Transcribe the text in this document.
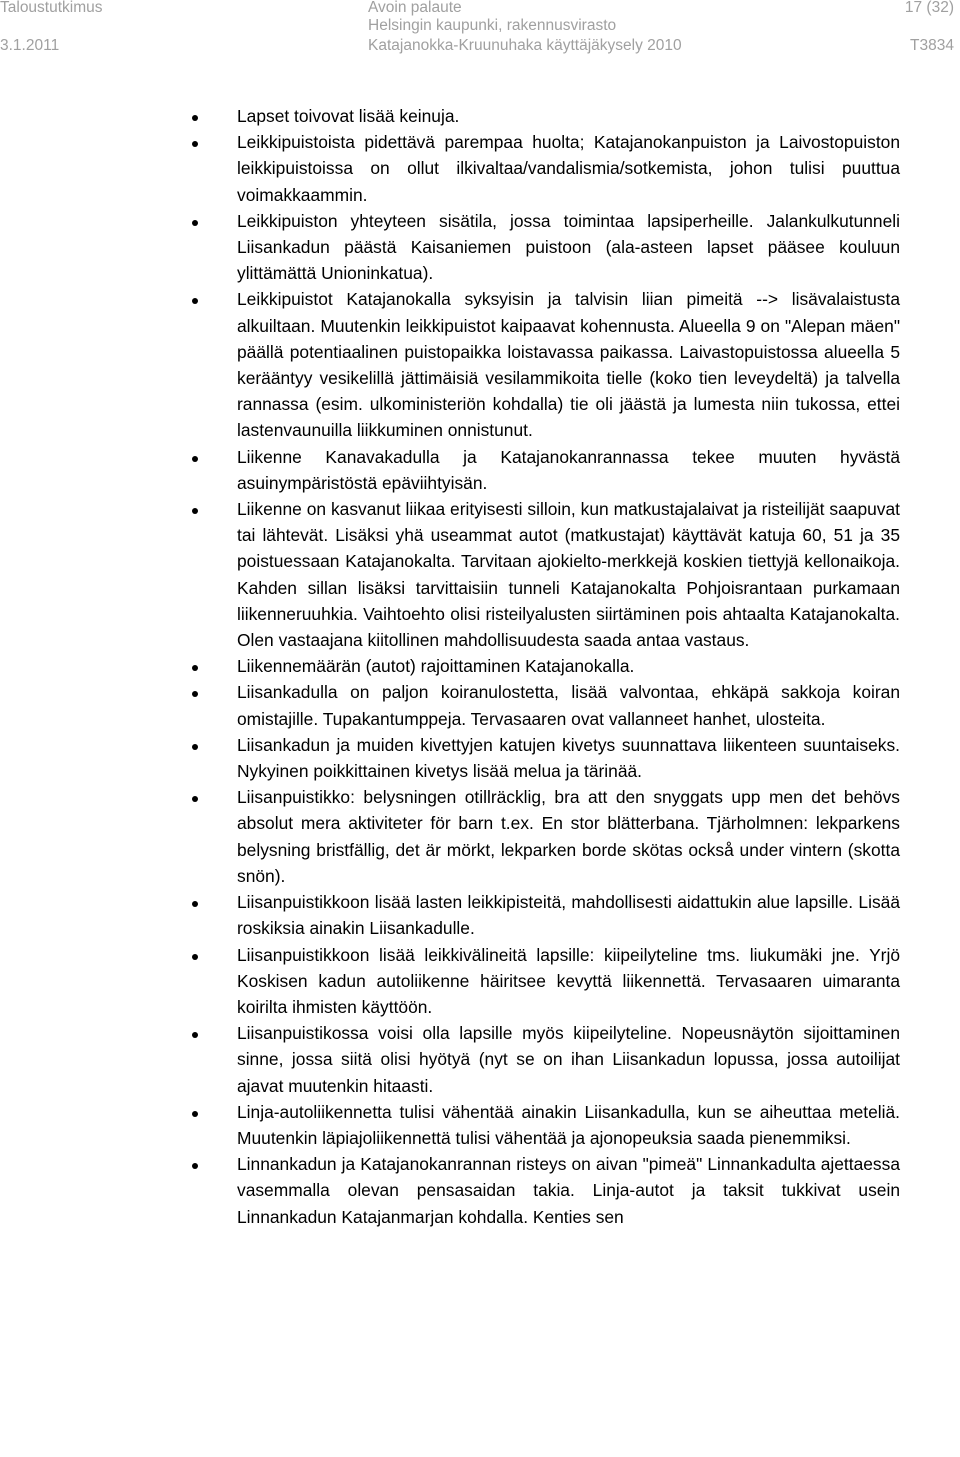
Taloustutkimus	Avoin palaute
Helsingin kaupunki, rakennusvirasto
17 (32)
3.1.2011	Katajanokka-Kruunuhaka käyttäjäkysely 2010	T3834
Lapset toivovat lisää keinuja.
Leikkipuistoista pidettävä parempaa huolta; Katajanokanpuiston ja Laivostopuiston leikkipuistoissa on ollut ilkivaltaa/vandalismia/sotkemista, johon tulisi puuttua voimakkaammin.
Leikkipuiston yhteyteen sisätila, jossa toimintaa lapsiperheille. Jalankulkutunneli Liisankadun päästä Kaisaniemen puistoon (ala-asteen lapset pääsee kouluun ylittämättä Unioninkatua).
Leikkipuistot Katajanokalla syksyisin ja talvisin liian pimeitä --> lisävalaistusta alkuiltaan. Muutenkin leikkipuistot kaipaavat kohennusta. Alueella 9 on "Alepan mäen" päällä potentiaalinen puistopaikka loistavassa paikassa. Laivastopuistossa alueella 5 kerääntyy vesikelillä jättimäisiä vesilammikoita tielle (koko tien leveydeltä) ja talvella rannassa (esim. ulkoministeriön kohdalla) tie oli jäästä ja lumesta niin tukossa, ettei lastenvaunuilla liikkuminen onnistunut.
Liikenne Kanavakadulla ja Katajanokanrannassa tekee muuten hyvästä asuinympäristöstä epäviihtyisän.
Liikenne on kasvanut liikaa erityisesti silloin, kun matkustajalaivat ja risteilijät saapuvat tai lähtevät. Lisäksi yhä useammat autot (matkustajat) käyttävät katuja 60, 51 ja 35 poistuessaan Katajanokalta. Tarvitaan ajokielto-merkkejä koskien tiettyjä kellonaikoja. Kahden sillan lisäksi tarvittaisiin tunneli Katajanokalta Pohjoisrantaan purkamaan liikenneruuhkia. Vaihtoehto olisi risteilyalusten siirtäminen pois ahtaalta Katajanokalta. Olen vastaajana kiitollinen mahdollisuudesta saada antaa vastaus.
Liikennemäärän (autot) rajoittaminen Katajanokalla.
Liisankadulla on paljon koiranulostetta, lisää valvontaa, ehkäpä sakkoja koiran omistajille. Tupakantumppeja. Tervasaaren ovat vallanneet hanhet, ulosteita.
Liisankadun ja muiden kivettyjen katujen kivetys suunnattava liikenteen suuntaiseks. Nykyinen poikkittainen kivetys lisää melua ja tärinää.
Liisanpuistikko: belysningen otillräcklig, bra att den snyggats upp men det behövs absolut mera aktiviteter för barn t.ex. En stor blätterbana. Tjärholmnen: lekparkens belysning bristfällig, det är mörkt, lekparken borde skötas också under vintern (skotta snön).
Liisanpuistikkoon lisää lasten leikkipisteitä, mahdollisesti aidattukin alue lapsille. Lisää roskiksia ainakin Liisankadulle.
Liisanpuistikkoon lisää leikkivälineitä lapsille: kiipeilyteline tms. liukumäki jne. Yrjö Koskisen kadun autoliikenne häiritsee kevyttä liikennettä. Tervasaaren uimaranta koirilta ihmisten käyttöön.
Liisanpuistikossa voisi olla lapsille myös kiipeilyteline. Nopeusnäytön sijoittaminen sinne, jossa siitä olisi hyötyä (nyt se on ihan Liisankadun lopussa, jossa autoilijat ajavat muutenkin hitaasti.
Linja-autoliikennetta tulisi vähentää ainakin Liisankadulla, kun se aiheuttaa meteliä. Muutenkin läpiajoliikennettä tulisi vähentää ja ajonopeuksia saada pienemmiksi.
Linnankadun ja Katajanokanrannan risteys on aivan "pimeä" Linnankadulta ajettaessa vasemmalla olevan pensasaidan takia. Linja-autot ja taksit tukkivat usein Linnankadun Katajanmarjan kohdalla. Kenties sen
